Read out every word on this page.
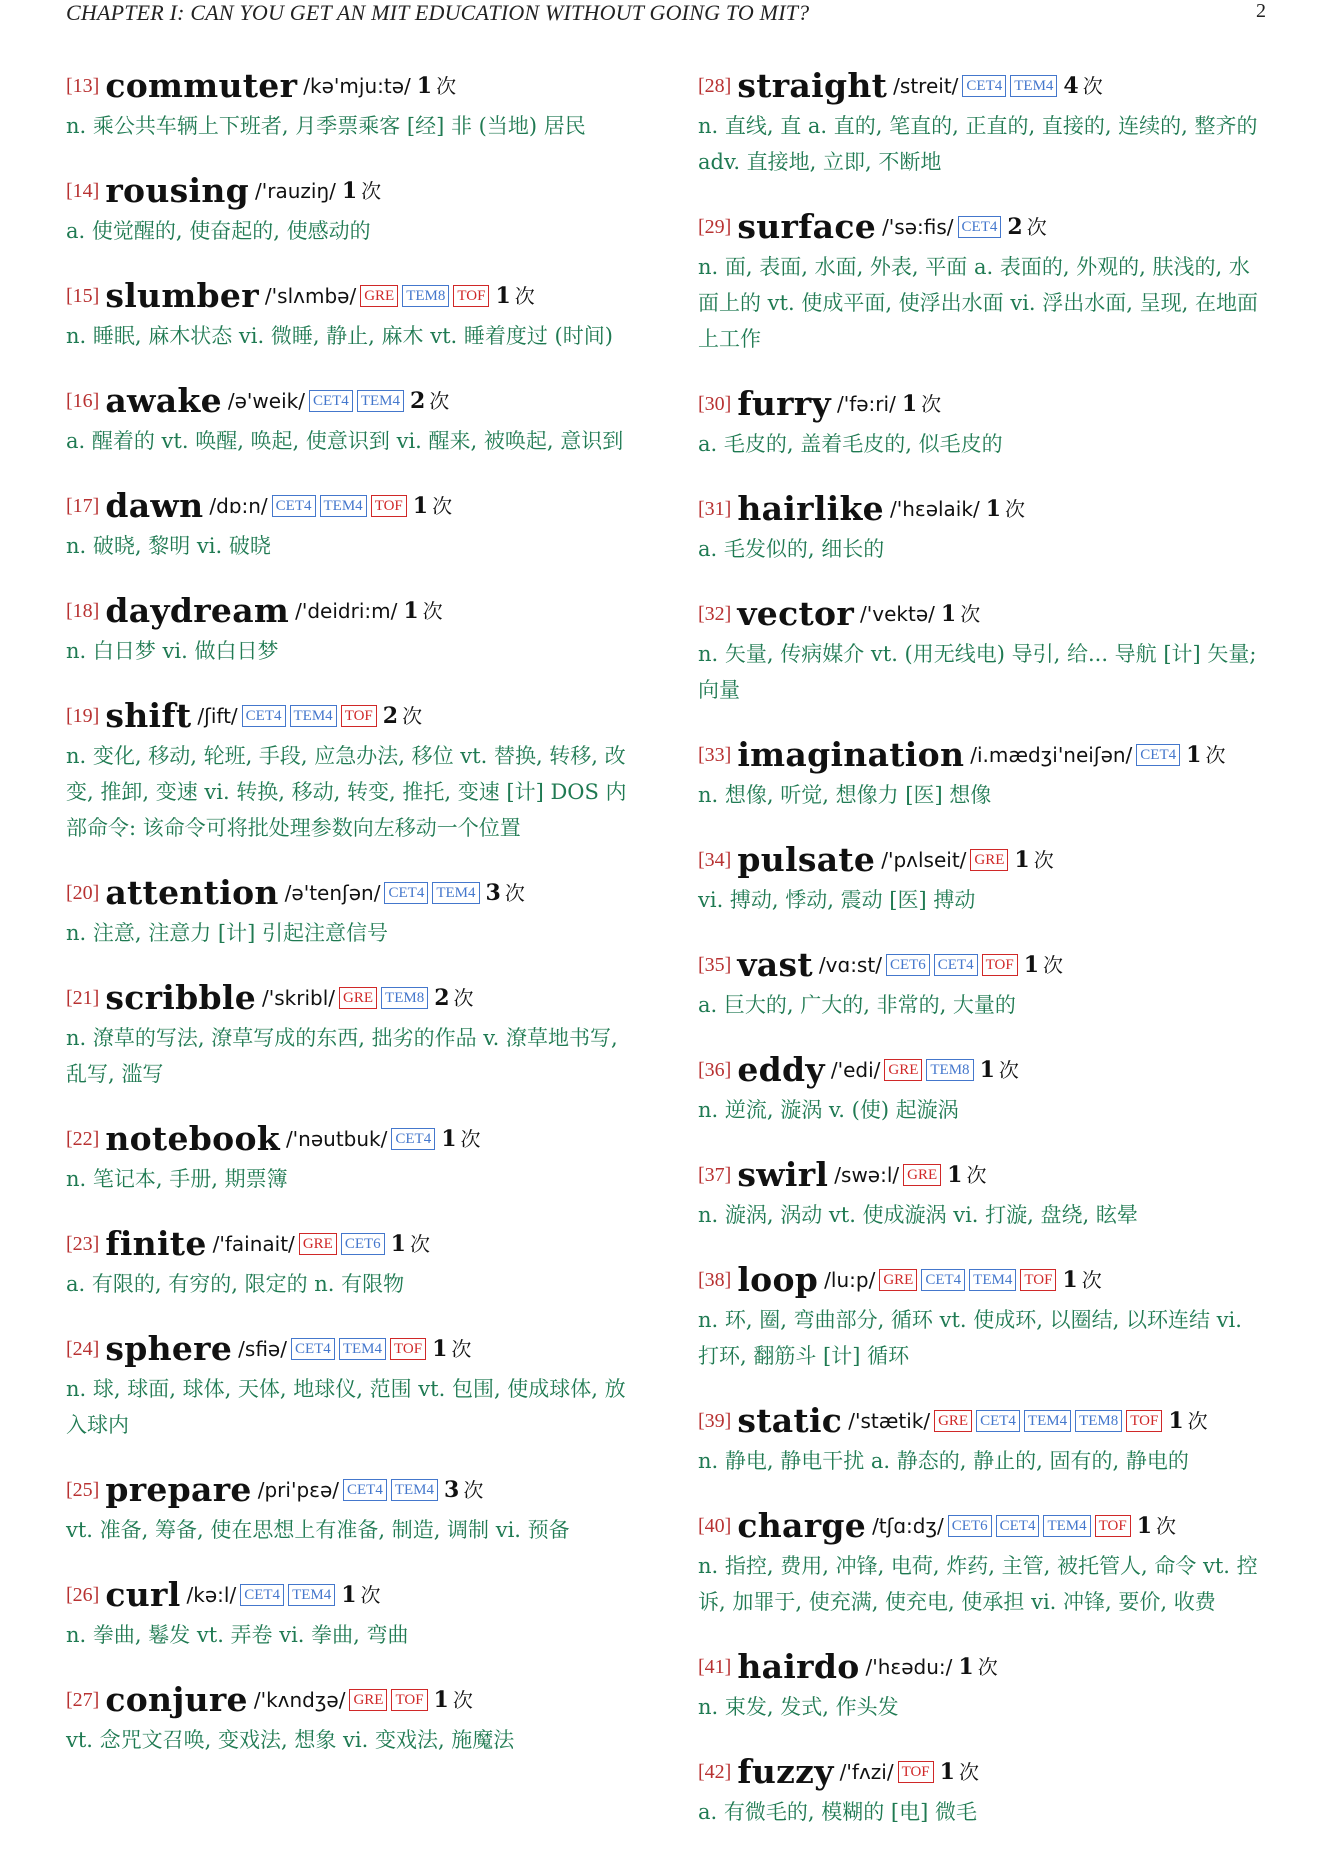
CHAPTER I: CAN YOU GET AN MIT EDUCATION WITHOUT GOING TO MIT?	2
[13] commuter /kə'mju:tə/ 1 次
n. 乘公共车辆上下班者, 月季票乘客 [经] 非 (当地) 居民
[14] rousing /'rauziŋ/ 1 次
a. 使觉醒的, 使奋起的, 使感动的
[15] slumber /'slʌmbə/ GRE TEM8 TOF 1 次
n. 睡眠, 麻木状态 vi. 微睡, 静止, 麻木 vt. 睡着度过 (时间)
[16] awake /ə'weik/ CET4 TEM4 2 次
a. 醒着的 vt. 唤醒, 唤起, 使意识到 vi. 醒来, 被唤起, 意识到
[17] dawn /dɒ:n/ CET4 TEM4 TOF 1 次
n. 破晓, 黎明 vi. 破晓
[18] daydream /'deidri:m/ 1 次
n. 白日梦 vi. 做白日梦
[19] shift /ʃift/ CET4 TEM4 TOF 2 次
n. 变化, 移动, 轮班, 手段, 应急办法, 移位 vt. 替换, 转移, 改变, 推卸, 变速 vi. 转换, 移动, 转变, 推托, 变速 [计] DOS 内部命令: 该命令可将批处理参数向左移动一个位置
[20] attention /ə'tenʃən/ CET4 TEM4 3 次
n. 注意, 注意力 [计] 引起注意信号
[21] scribble /'skribl/ GRE TEM8 2 次
n. 潦草的写法, 潦草写成的东西, 拙劣的作品 v. 潦草地书写, 乱写, 滥写
[22] notebook /'nəutbuk/ CET4 1 次
n. 笔记本, 手册, 期票簿
[23] finite /'fainait/ GRE CET6 1 次
a. 有限的, 有穷的, 限定的 n. 有限物
[24] sphere /sfiə/ CET4 TEM4 TOF 1 次
n. 球, 球面, 球体, 天体, 地球仪, 范围 vt. 包围, 使成球体, 放入球内
[25] prepare /pri'pɛə/ CET4 TEM4 3 次
vt. 准备, 筹备, 使在思想上有准备, 制造, 调制 vi. 预备
[26] curl /kə:l/ CET4 TEM4 1 次
n. 拳曲, 鬈发 vt. 弄卷 vi. 拳曲, 弯曲
[27] conjure /'kʌndʒə/ GRE TOF 1 次
vt. 念咒文召唤, 变戏法, 想象 vi. 变戏法, 施魔法
[28] straight /streit/ CET4 TEM4 4 次
n. 直线, 直 a. 直的, 笔直的, 正直的, 直接的, 连续的, 整齐的 adv. 直接地, 立即, 不断地
[29] surface /'sə:fis/ CET4 2 次
n. 面, 表面, 水面, 外表, 平面 a. 表面的, 外观的, 肤浅的, 水面上的 vt. 使成平面, 使浮出水面 vi. 浮出水面, 呈现, 在地面上工作
[30] furry /'fə:ri/ 1 次
a. 毛皮的, 盖着毛皮的, 似毛皮的
[31] hairlike /'hɛəlaik/ 1 次
a. 毛发似的, 细长的
[32] vector /'vektə/ 1 次
n. 矢量, 传病媒介 vt. (用无线电) 导引, 给... 导航 [计] 矢量; 向量
[33] imagination /i.mædʒi'neiʃən/ CET4 1 次
n. 想像, 听觉, 想像力 [医] 想像
[34] pulsate /'pʌlseit/ GRE 1 次
vi. 搏动, 悸动, 震动 [医] 搏动
[35] vast /vɑ:st/ CET6 CET4 TOF 1 次
a. 巨大的, 广大的, 非常的, 大量的
[36] eddy /'edi/ GRE TEM8 1 次
n. 逆流, 漩涡 v. (使) 起漩涡
[37] swirl /swə:l/ GRE 1 次
n. 漩涡, 涡动 vt. 使成漩涡 vi. 打漩, 盘绕, 眩晕
[38] loop /lu:p/ GRE CET4 TEM4 TOF 1 次
n. 环, 圈, 弯曲部分, 循环 vt. 使成环, 以圈结, 以环连结 vi. 打环, 翻筋斗 [计] 循环
[39] static /'stætik/ GRE CET4 TEM4 TEM8 TOF 1 次
n. 静电, 静电干扰 a. 静态的, 静止的, 固有的, 静电的
[40] charge /tʃɑ:dʒ/ CET6 CET4 TEM4 TOF 1 次
n. 指控, 费用, 冲锋, 电荷, 炸药, 主管, 被托管人, 命令 vt. 控诉, 加罪于, 使充满, 使充电, 使承担 vi. 冲锋, 要价, 收费
[41] hairdo /'hɛədu:/ 1 次
n. 束发, 发式, 作头发
[42] fuzzy /'fʌzi/ TOF 1 次
a. 有微毛的, 模糊的 [电] 微毛
